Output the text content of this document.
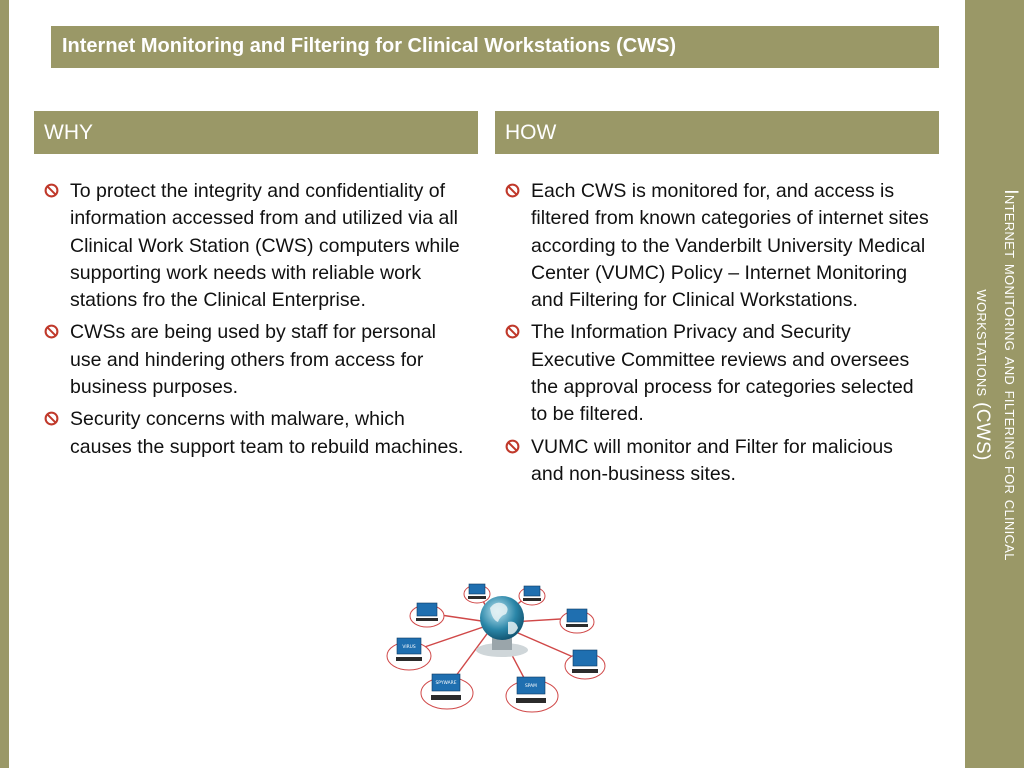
Internet monitoring and filtering for clinical
workstations (CWS)
Internet Monitoring and Filtering for Clinical Workstations (CWS)
WHY	HOW
To protect the integrity and confidentiality of information accessed from and utilized via all Clinical Work Station (CWS) computers while supporting work needs with reliable work stations fro the Clinical Enterprise.
CWSs are being used by staff for personal use and hindering others from access for business purposes.
Security concerns with malware, which causes the support team to rebuild machines.
Each CWS is monitored for, and access is filtered from known categories of internet sites according to the Vanderbilt University Medical Center (VUMC) Policy – Internet Monitoring and Filtering for Clinical Workstations.
The Information Privacy and Security Executive Committee reviews and oversees the approval process for categories selected to be filtered.
VUMC will monitor and Filter for malicious and non-business sites.
VIRUS
SPYWARE
SPAM
